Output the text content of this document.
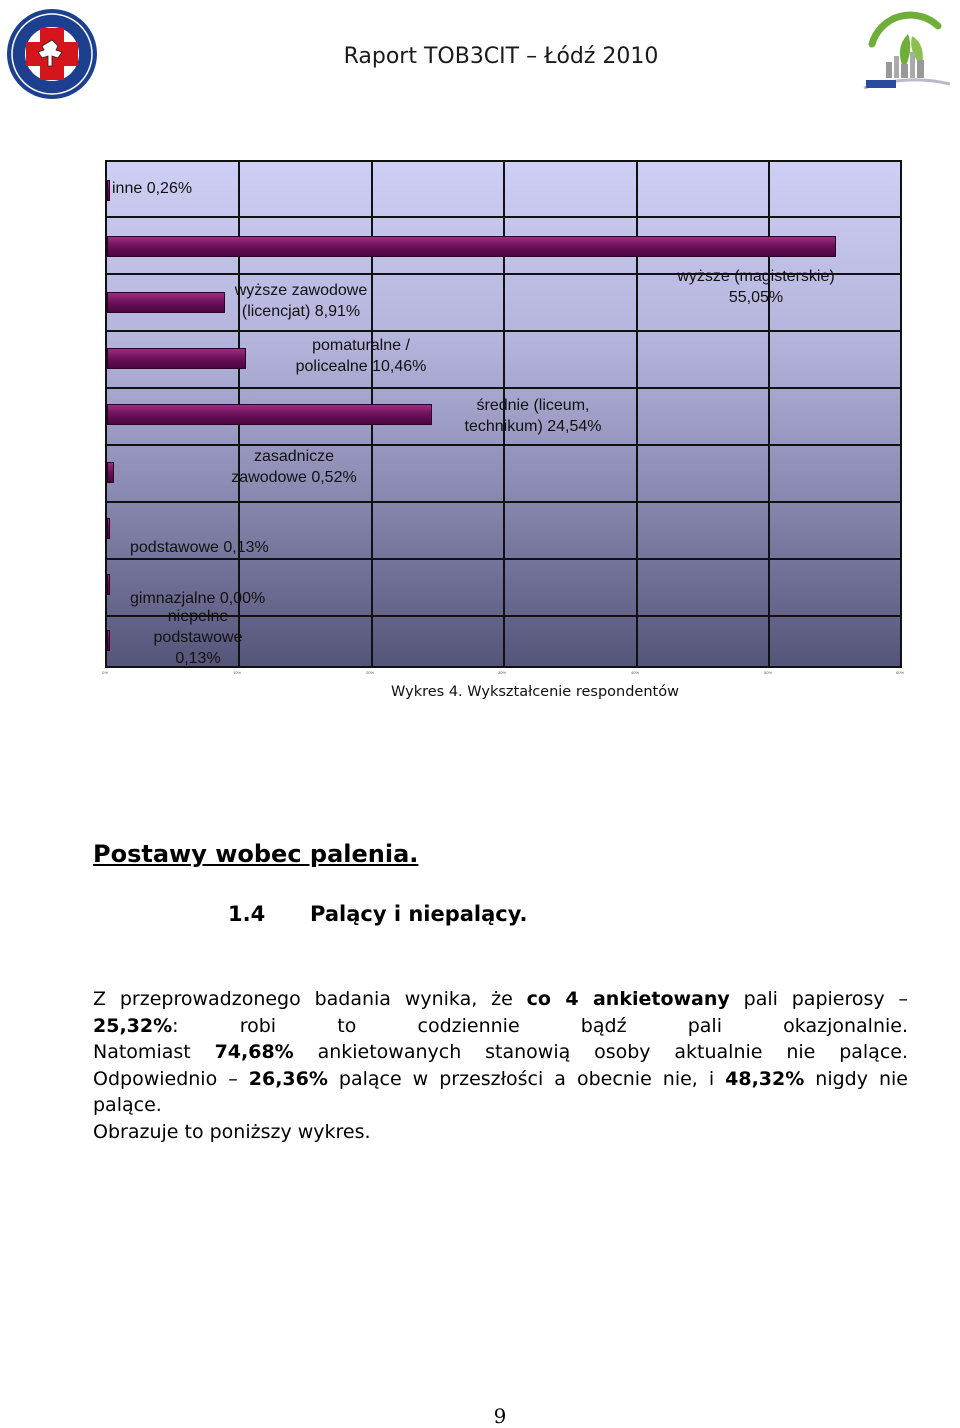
Raport TOB3CIT – Łódź 2010
inne 0,26%
wyższe (magisterskie) 55,05%
wyższe zawodowe (licencjat) 8,91%
pomaturalne / policealne 10,46%
średnie (liceum, technikum) 24,54%
zasadnicze zawodowe 0,52%
podstawowe 0,13%
gimnazjalne 0,00%
niepełne podstawowe 0,13%
0%	10%	20%	30%	40%	50%	60%
Wykres 4. Wykształcenie respondentów
Postawy wobec palenia.
1.4 Palący i niepalący.

Z przeprowadzonego badania wynika, że co 4 ankietowany pali papierosy – 25,32%: robi to codziennie bądź pali okazjonalnie.

Natomiast 74,68% ankietowanych stanowią osoby aktualnie nie palące. Odpowiednio – 26,36% palące w przeszłości a obecnie nie, i 48,32% nigdy nie palące.

Obrazuje to poniższy wykres.

9
